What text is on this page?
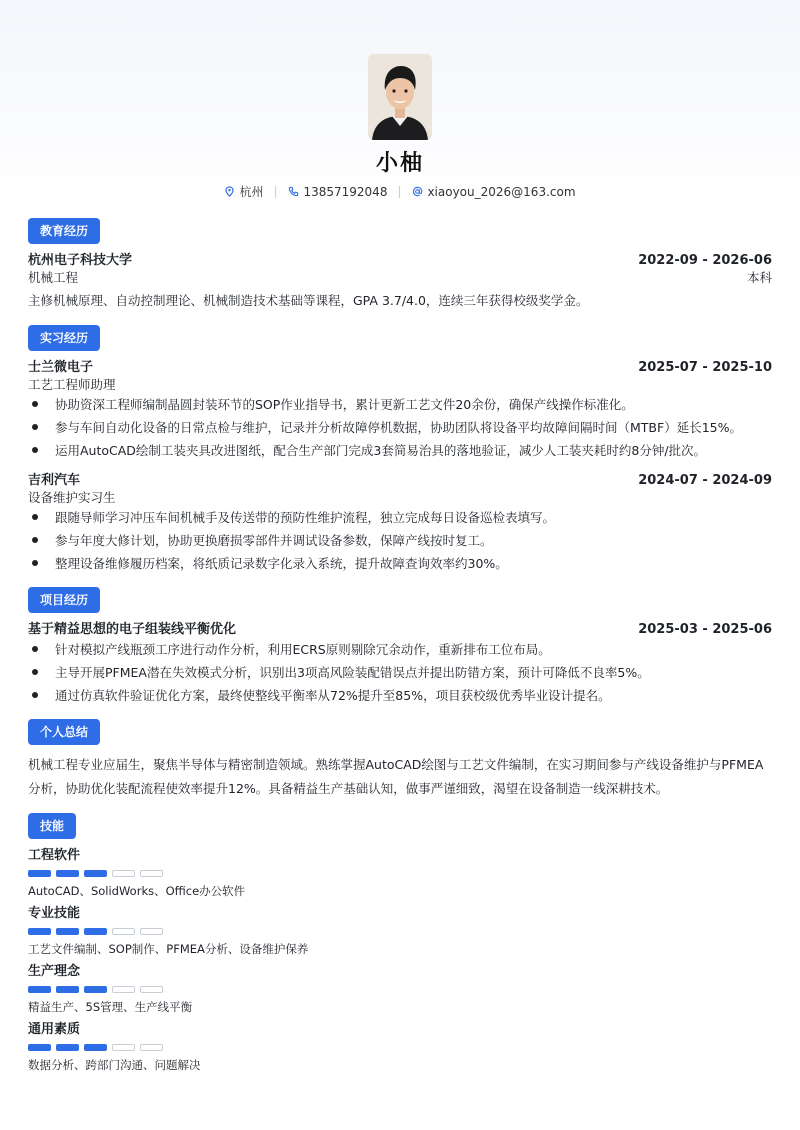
小柚
杭州	13857192048	xiaoyou_2026@163.com
教育经历
杭州电子科技大学	2022-09 - 2026-06
机械工程	本科
主修机械原理、自动控制理论、机械制造技术基础等课程，GPA 3.7/4.0，连续三年获得校级奖学金。
实习经历
士兰微电子	2025-07 - 2025-10
工艺工程师助理
协助资深工程师编制晶圆封装环节的SOP作业指导书，累计更新工艺文件20余份，确保产线操作标准化。
参与车间自动化设备的日常点检与维护，记录并分析故障停机数据，协助团队将设备平均故障间隔时间（MTBF）延长15%。
运用AutoCAD绘制工装夹具改进图纸，配合生产部门完成3套简易治具的落地验证，减少人工装夹耗时约8分钟/批次。
吉利汽车	2024-07 - 2024-09
设备维护实习生
跟随导师学习冲压车间机械手及传送带的预防性维护流程，独立完成每日设备巡检表填写。
参与年度大修计划，协助更换磨损零部件并调试设备参数，保障产线按时复工。
整理设备维修履历档案，将纸质记录数字化录入系统，提升故障查询效率约30%。
项目经历
基于精益思想的电子组装线平衡优化	2025-03 - 2025-06
针对模拟产线瓶颈工序进行动作分析，利用ECRS原则剔除冗余动作，重新排布工位布局。
主导开展PFMEA潜在失效模式分析，识别出3项高风险装配错误点并提出防错方案，预计可降低不良率5%。
通过仿真软件验证优化方案，最终使整线平衡率从72%提升至85%，项目获校级优秀毕业设计提名。
个人总结
机械工程专业应届生，聚焦半导体与精密制造领域。熟练掌握AutoCAD绘图与工艺文件编制，在实习期间参与产线设备维护与PFMEA分析，协助优化装配流程使效率提升12%。具备精益生产基础认知，做事严谨细致，渴望在设备制造一线深耕技术。
技能
工程软件
AutoCAD、SolidWorks、Office办公软件
专业技能
工艺文件编制、SOP制作、PFMEA分析、设备维护保养
生产理念
精益生产、5S管理、生产线平衡
通用素质
数据分析、跨部门沟通、问题解决
